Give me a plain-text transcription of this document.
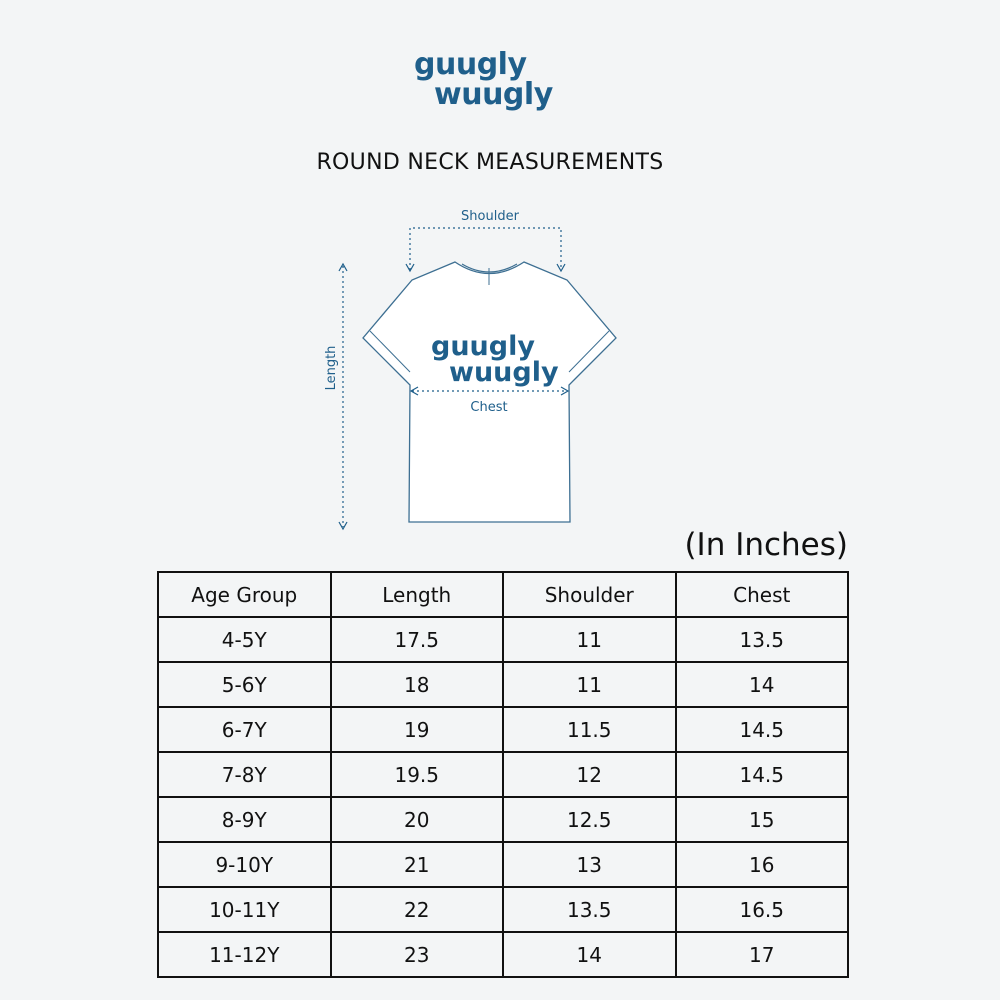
guugly
wuugly
ROUND NECK MEASUREMENTS
Shoulder
Length
Chest
guugly
wuugly
(In Inches)
Age Group	Length	Shoulder	Chest
4-5Y	17.5	11	13.5
5-6Y	18	11	14
6-7Y	19	11.5	14.5
7-8Y	19.5	12	14.5
8-9Y	20	12.5	15
9-10Y	21	13	16
10-11Y	22	13.5	16.5
11-12Y	23	14	17
